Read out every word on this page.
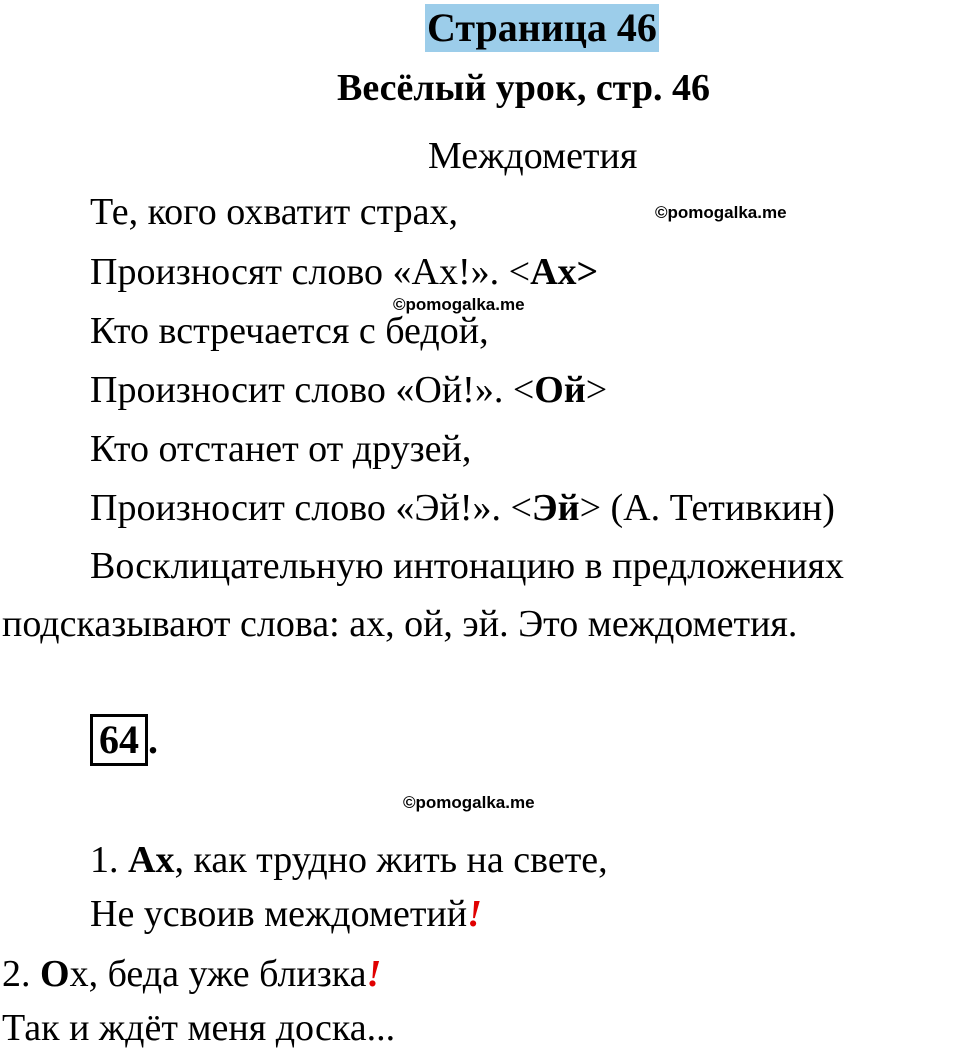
Страница 46
Весёлый урок, стр. 46
Междометия
Те, кого охватит страх,	©pomogalka.me
Произносят слово «Ах!». <Ах>
©pomogalka.me
Кто встречается с бедой,
Произносит слово «Ой!». <Ой>
Кто отстанет от друзей,
Произносит слово «Эй!». <Эй> (А. Тетивкин)
Восклицательную интонацию в предложениях
подсказывают слова: ах, ой, эй. Это междометия.
64 .
©pomogalka.me
1. Ах, как трудно жить на свете,
Не усвоив междометий!
2. Ох, беда уже близка!
Так и ждёт меня доска...
